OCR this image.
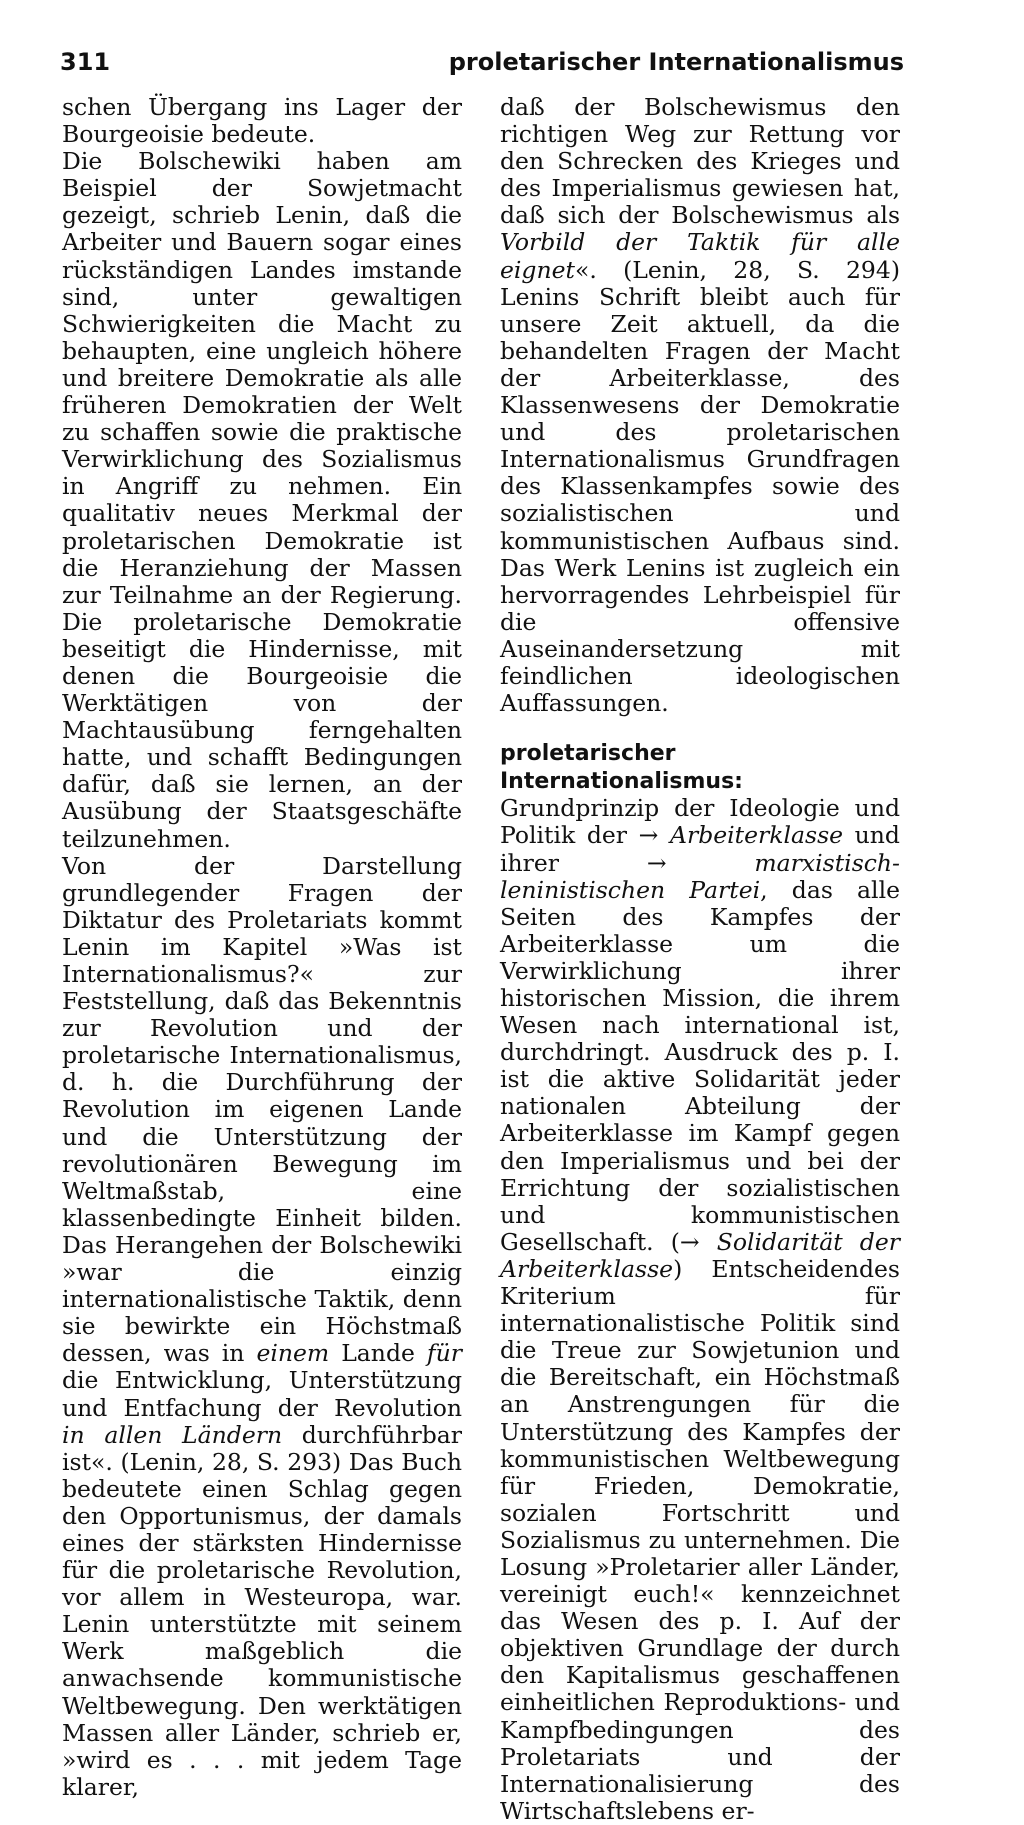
311	proletarischer Internationalismus

schen Übergang ins Lager der Bourgeoisie bedeute.

Die Bolschewiki haben am Beispiel der Sowjetmacht gezeigt, schrieb Lenin, daß die Arbeiter und Bauern sogar eines rückständigen Landes imstande sind, unter gewaltigen Schwierigkeiten die Macht zu behaupten, eine ungleich höhere und breitere Demokratie als alle früheren Demokratien der Welt zu schaffen sowie die praktische Verwirklichung des Sozialismus in Angriff zu nehmen. Ein qualitativ neues Merkmal der proletarischen Demokratie ist die Heranziehung der Massen zur Teilnahme an der Regierung. Die proletarische Demokratie beseitigt die Hindernisse, mit denen die Bourgeoisie die Werktätigen von der Machtausübung ferngehalten hatte, und schafft Bedingungen dafür, daß sie lernen, an der Ausübung der Staatsgeschäfte teilzunehmen.

Von der Darstellung grundlegender Fragen der Diktatur des Proletariats kommt Lenin im Kapitel »Was ist Internationalismus?« zur Feststellung, daß das Bekenntnis zur Revolution und der proletarische Internationalismus, d. h. die Durchführung der Revolution im eigenen Lande und die Unterstützung der revolutionären Bewegung im Weltmaßstab, eine klassenbedingte Einheit bilden. Das Herangehen der Bolschewiki »war die einzig internationalistische Taktik, denn sie bewirkte ein Höchstmaß dessen, was in einem Lande für die Entwicklung, Unterstützung und Entfachung der Revolution in allen Ländern durchführbar ist«. (Lenin, 28, S. 293) Das Buch bedeutete einen Schlag gegen den Opportunismus, der damals eines der stärksten Hindernisse für die proletarische Revolution, vor allem in Westeuropa, war. Lenin unterstützte mit seinem Werk maßgeblich die anwachsende kommunistische Weltbewegung. Den werktätigen Massen aller Länder, schrieb er, »wird es . . . mit jedem Tage klarer,

daß der Bolschewismus den richtigen Weg zur Rettung vor den Schrecken des Krieges und des Imperialismus gewiesen hat, daß sich der Bolschewismus als Vorbild der Taktik für alle eignet«. (Lenin, 28, S. 294) Lenins Schrift bleibt auch für unsere Zeit aktuell, da die behandelten Fragen der Macht der Arbeiterklasse, des Klassenwesens der Demokratie und des proletarischen Internationalismus Grundfragen des Klassenkampfes sowie des sozialistischen und kommunistischen Aufbaus sind. Das Werk Lenins ist zugleich ein hervorragendes Lehrbeispiel für die offensive Auseinandersetzung mit feindlichen ideologischen Auffassungen.

proletarischer Internationalismus: Grundprinzip der Ideologie und Politik der → Arbeiterklasse und ihrer →	marxistisch-leninistischen Partei, das alle Seiten des Kampfes der Arbeiterklasse um die Verwirklichung ihrer historischen Mission, die ihrem Wesen nach international ist, durchdringt. Ausdruck des p. I. ist die aktive Solidarität jeder nationalen Abteilung der Arbeiterklasse im Kampf gegen den Imperialismus und bei der Errichtung der sozialistischen und kommunistischen Gesellschaft. (→ Solidarität der Arbeiterklasse) Entscheidendes Kriterium für internationalistische Politik sind die Treue zur Sowjetunion und die Bereitschaft, ein Höchstmaß an Anstrengungen für die Unterstützung des Kampfes der kommunistischen Weltbewegung für Frieden, Demokratie, sozialen Fortschritt und Sozialismus zu unternehmen. Die Losung »Proletarier aller Länder, vereinigt euch!« kennzeichnet das Wesen des p. I. Auf der objektiven Grundlage der durch den Kapitalismus geschaffenen einheitlichen Reproduktions- und Kampfbedingungen des Proletariats und der Internationalisierung des Wirtschaftslebens er-
